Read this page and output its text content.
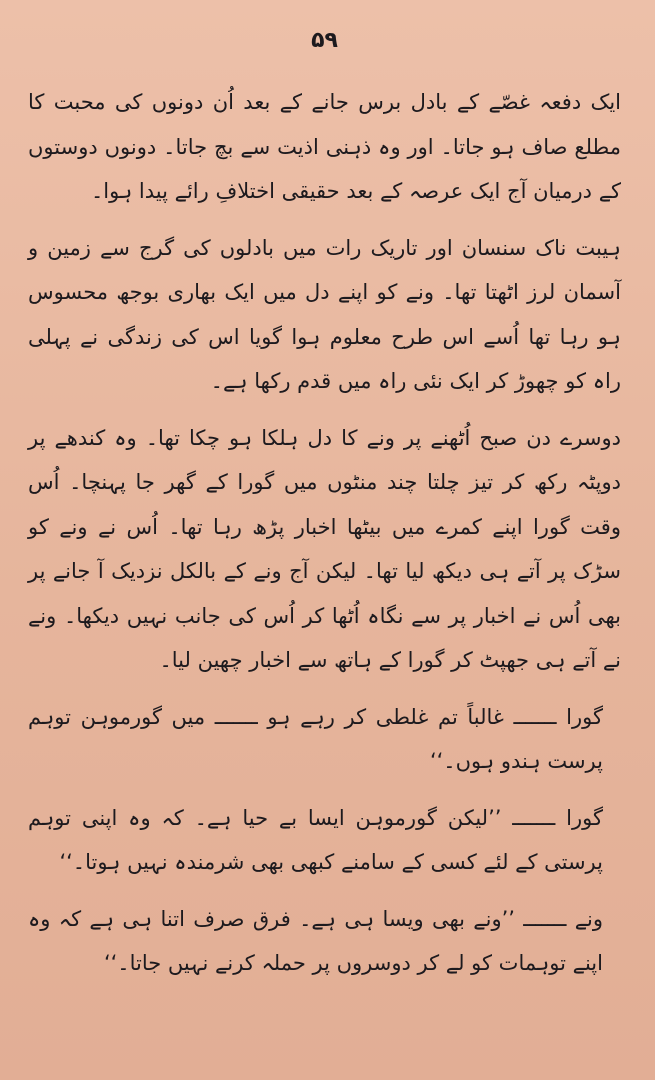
۵۹

ایک دفعہ غصّے کے بادل برس جانے کے بعد اُن دونوں کی محبت کا مطلع صاف ہو جاتا۔ اور وہ ذہنی اذیت سے بچ جاتا۔ دونوں دوستوں کے درمیان آج ایک عرصہ کے بعد حقیقی اختلافِ رائے پیدا ہوا۔

ہیبت ناک سنسان اور تاریک رات میں بادلوں کی گرج سے زمین و آسمان لرز اٹھتا تھا۔ ونے کو اپنے دل میں ایک بھاری بوجھ محسوس ہو رہا تھا اُسے اس طرح معلوم ہوا گویا اس کی زندگی نے پہلی راہ کو چھوڑ کر ایک نئی راہ میں قدم رکھا ہے۔

دوسرے دن صبح اُٹھنے پر ونے کا دل ہلکا ہو چکا تھا۔ وہ کندھے پر دوپٹہ رکھ کر تیز چلتا چند منٹوں میں گورا کے گھر جا پہنچا۔ اُس وقت گورا اپنے کمرے میں بیٹھا اخبار پڑھ رہا تھا۔ اُس نے ونے کو سڑک پر آتے ہی دیکھ لیا تھا۔ لیکن آج ونے کے بالکل نزدیک آ جانے پر بھی اُس نے اخبار پر سے نگاہ اُٹھا کر اُس کی جانب نہیں دیکھا۔ ونے نے آتے ہی جھپٹ کر گورا کے ہاتھ سے اخبار چھین لیا۔

گورا ـــــــ غالباً تم غلطی کر رہے ہو ـــــــ میں گورموہن توہم پرست ہندو ہوں۔‘‘

گورا ـــــــ ’’لیکن گورموہن ایسا بے حیا ہے۔ کہ وہ اپنی توہم پرستی کے لئے کسی کے سامنے کبھی بھی شرمندہ نہیں ہوتا۔‘‘

ونے ـــــــ ’’ونے بھی ویسا ہی ہے۔ فرق صرف اتنا ہی ہے کہ وہ اپنے توہمات کو لے کر دوسروں پر حملہ کرنے نہیں جاتا۔‘‘
